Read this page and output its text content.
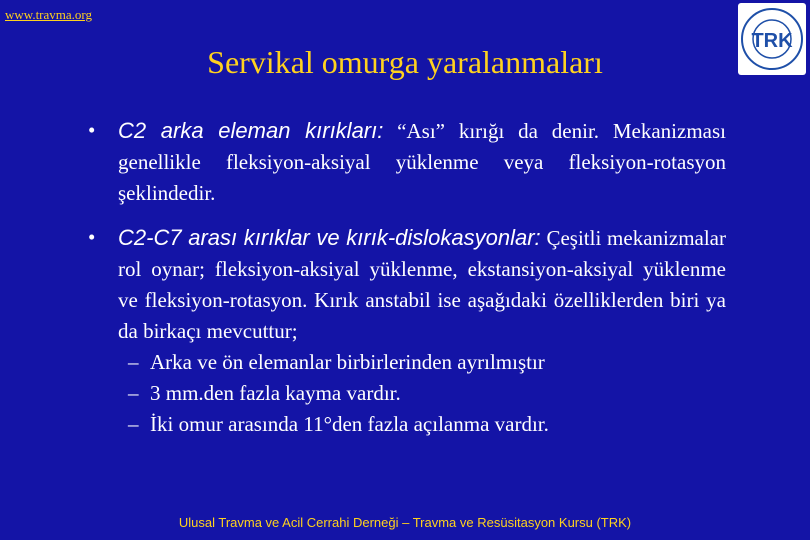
www.travma.org
TRK
Servikal omurga yaralanmaları
• C2 arka eleman kırıkları: “Ası” kırığı da denir. Mekanizması genellikle fleksiyon-aksiyal yüklenme veya fleksiyon-rotasyon şeklindedir.
• C2-C7 arası kırıklar ve kırık-dislokasyonlar: Çeşitli mekanizmalar rol oynar; fleksiyon-aksiyal yüklenme, ekstansiyon-aksiyal yüklenme ve fleksiyon-rotasyon. Kırık anstabil ise aşağıdaki özelliklerden biri ya da birkaçı mevcuttur;
– Arka ve ön elemanlar birbirlerinden ayrılmıştır
– 3 mm.den fazla kayma vardır.
– İki omur arasında 11°den fazla açılanma vardır.
Ulusal Travma ve Acil Cerrahi Derneği – Travma ve Resüsitasyon Kursu (TRK)
